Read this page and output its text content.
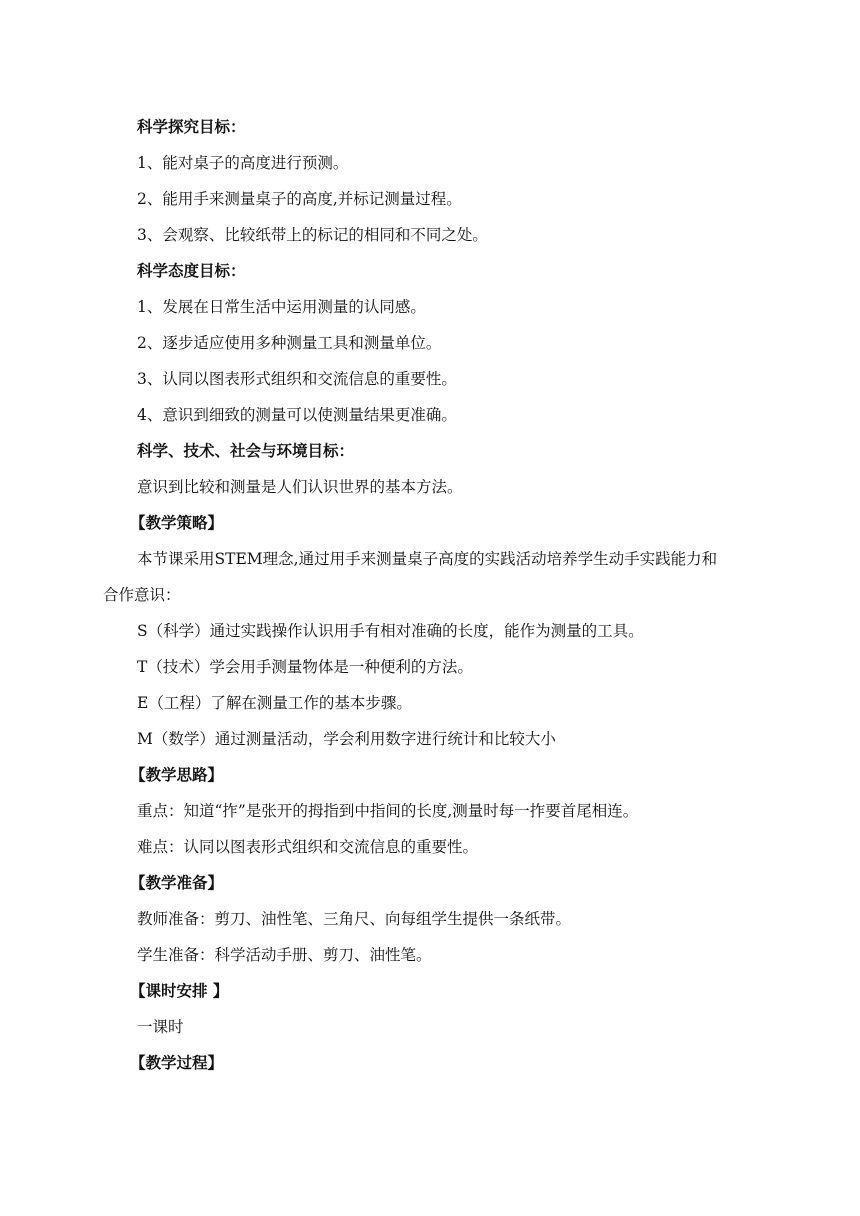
科学探究目标：
1、能对桌子的高度进行预测。
2、能用手来测量桌子的高度,并标记测量过程。
3、会观察、比较纸带上的标记的相同和不同之处。
科学态度目标：
1、发展在日常生活中运用测量的认同感。
2、逐步适应使用多种测量工具和测量单位。
3、认同以图表形式组织和交流信息的重要性。
4、意识到细致的测量可以使测量结果更准确。
科学、技术、社会与环境目标：
意识到比较和测量是人们认识世界的基本方法。
【教学策略】
本节课采用STEM理念,通过用手来测量桌子高度的实践活动培养学生动手实践能力和
合作意识：
S（科学）通过实践操作认识用手有相对准确的长度，能作为测量的工具。
T（技术）学会用手测量物体是一种便利的方法。
E（工程）了解在测量工作的基本步骤。
M（数学）通过测量活动，学会利用数字进行统计和比较大小
【教学思路】
重点：知道“拃”是张开的拇指到中指间的长度,测量时每一拃要首尾相连。
难点：认同以图表形式组织和交流信息的重要性。
【教学准备】
教师准备：剪刀、油性笔、三角尺、向每组学生提供一条纸带。
学生准备：科学活动手册、剪刀、油性笔。
【课时安排 】
一课时
【教学过程】
